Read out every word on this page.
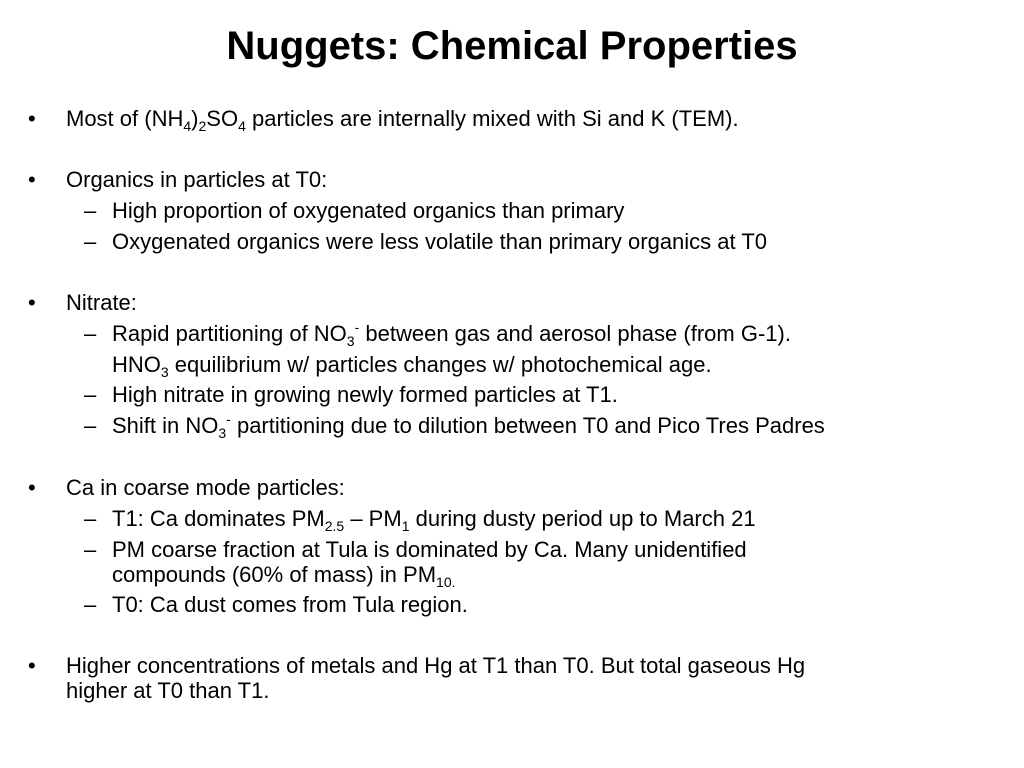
Nuggets: Chemical Properties
• Most of $(NH_4)_2SO_4$ particles are internally mixed with Si and K (TEM).
• Organics in particles at T0:
– High proportion of oxygenated organics than primary
– Oxygenated organics were less volatile than primary organics at T0
• Nitrate:
– Rapid partitioning of $NO_3^-$ between gas and aerosol phase (from G-1).
$HNO_3$ equilibrium w/ particles changes w/ photochemical age.
– High nitrate in growing newly formed particles at T1.
– Shift in $NO_3^-$ partitioning due to dilution between T0 and Pico Tres Padres
• Ca in coarse mode particles:
– T1: Ca dominates $PM_{2.5} - PM_1$ during dusty period up to March 21
– PM coarse fraction at Tula is dominated by Ca. Many unidentified
compounds (60% of mass) in $PM_{10.}$
– T0: Ca dust comes from Tula region.
• Higher concentrations of metals and Hg at T1 than T0. But total gaseous Hg
higher at T0 than T1.
